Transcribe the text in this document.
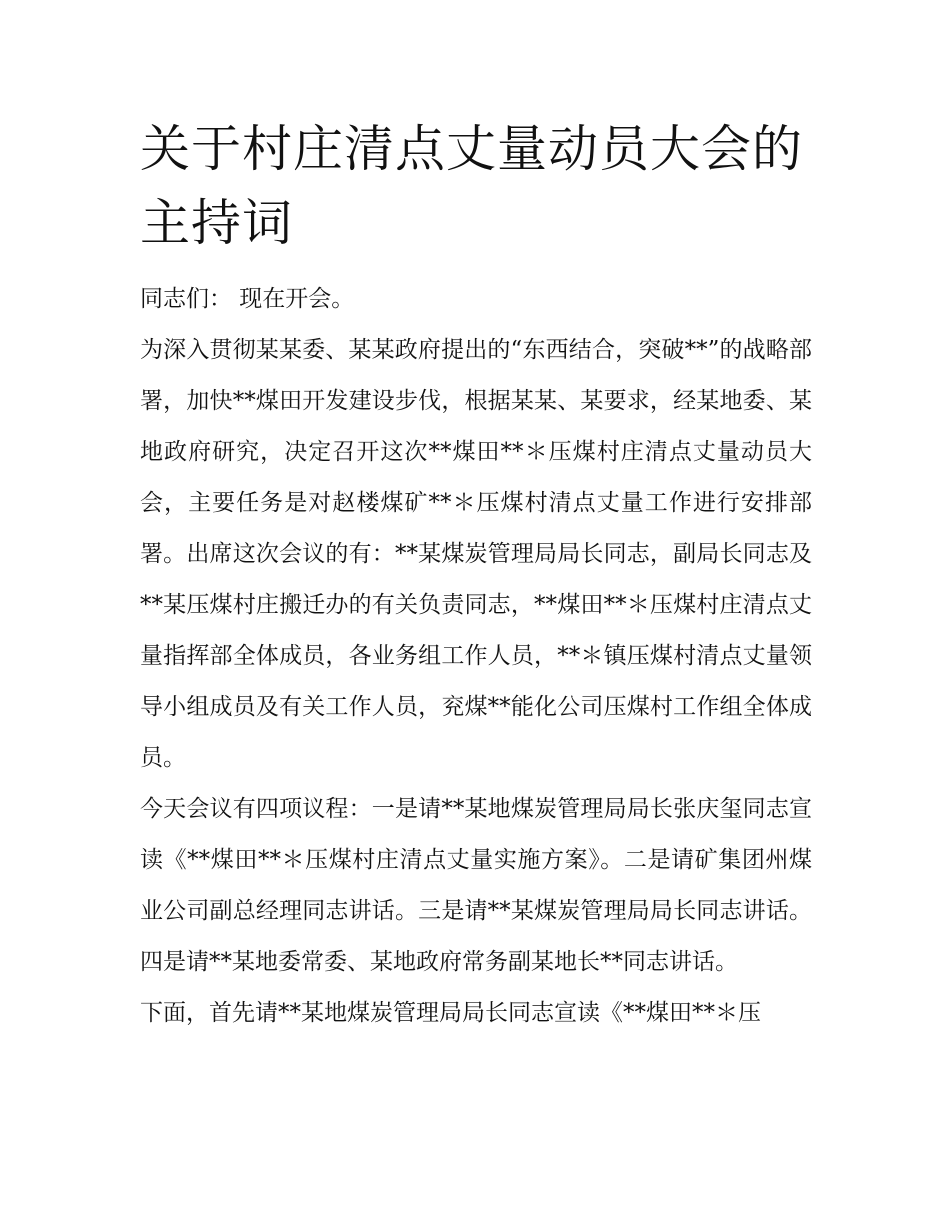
关于村庄清点丈量动员大会的主持词

同志们： 现在开会。

为深入贯彻某某委、某某政府提出的“东西结合，突破**”的战略部署，加快**煤田开发建设步伐，根据某某、某要求，经某地委、某地政府研究，决定召开这次**煤田**＊压煤村庄清点丈量动员大会，主要任务是对赵楼煤矿**＊压煤村清点丈量工作进行安排部署。出席这次会议的有：**某煤炭管理局局长同志，副局长同志及**某压煤村庄搬迁办的有关负责同志，**煤田**＊压煤村庄清点丈量指挥部全体成员，各业务组工作人员，**＊镇压煤村清点丈量领导小组成员及有关工作人员，兖煤**能化公司压煤村工作组全体成员。

今天会议有四项议程：一是请**某地煤炭管理局局长张庆玺同志宣读《**煤田**＊压煤村庄清点丈量实施方案》。二是请矿集团州煤业公司副总经理同志讲话。三是请**某煤炭管理局局长同志讲话。四是请**某地委常委、某地政府常务副某地长**同志讲话。

下面，首先请**某地煤炭管理局局长同志宣读《**煤田**＊压
